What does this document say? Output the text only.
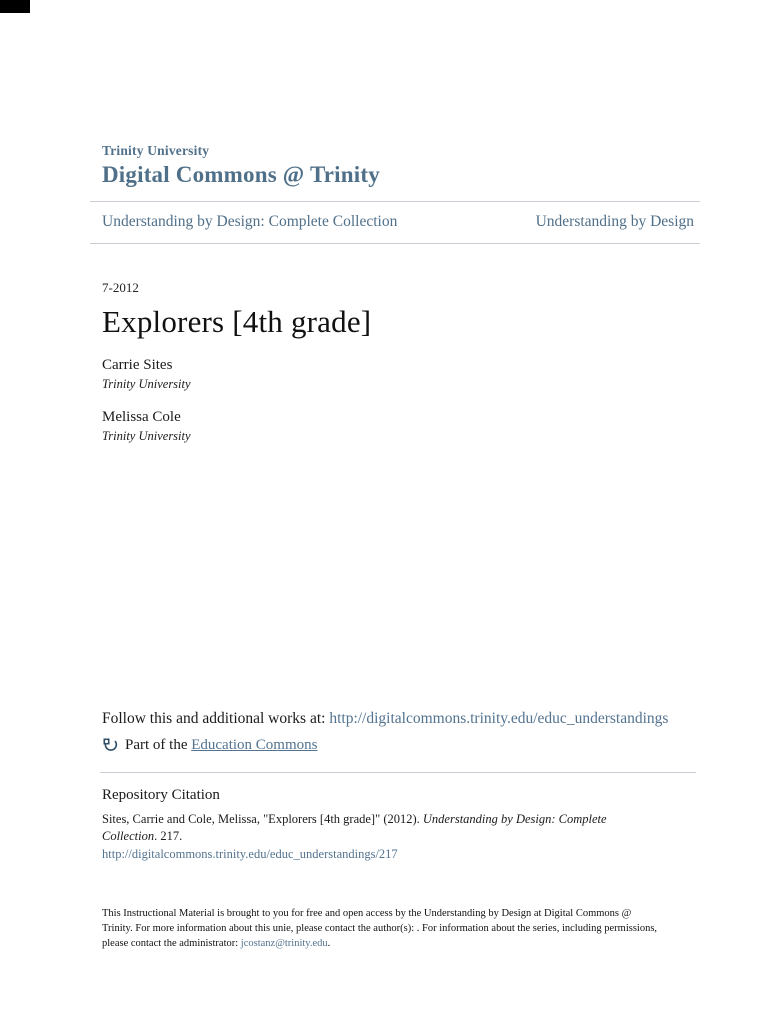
Trinity University
Digital Commons @ Trinity
Understanding by Design: Complete Collection	Understanding by Design
7-2012
Explorers [4th grade]
Carrie Sites
Trinity University
Melissa Cole
Trinity University
Follow this and additional works at: http://digitalcommons.trinity.edu/educ_understandings
Part of the Education Commons
Repository Citation
Sites, Carrie and Cole, Melissa, "Explorers [4th grade]" (2012). Understanding by Design: Complete Collection. 217.
http://digitalcommons.trinity.edu/educ_understandings/217
This Instructional Material is brought to you for free and open access by the Understanding by Design at Digital Commons @ Trinity. For more information about this unie, please contact the author(s): . For information about the series, including permissions, please contact the administrator: jcostanz@trinity.edu.
